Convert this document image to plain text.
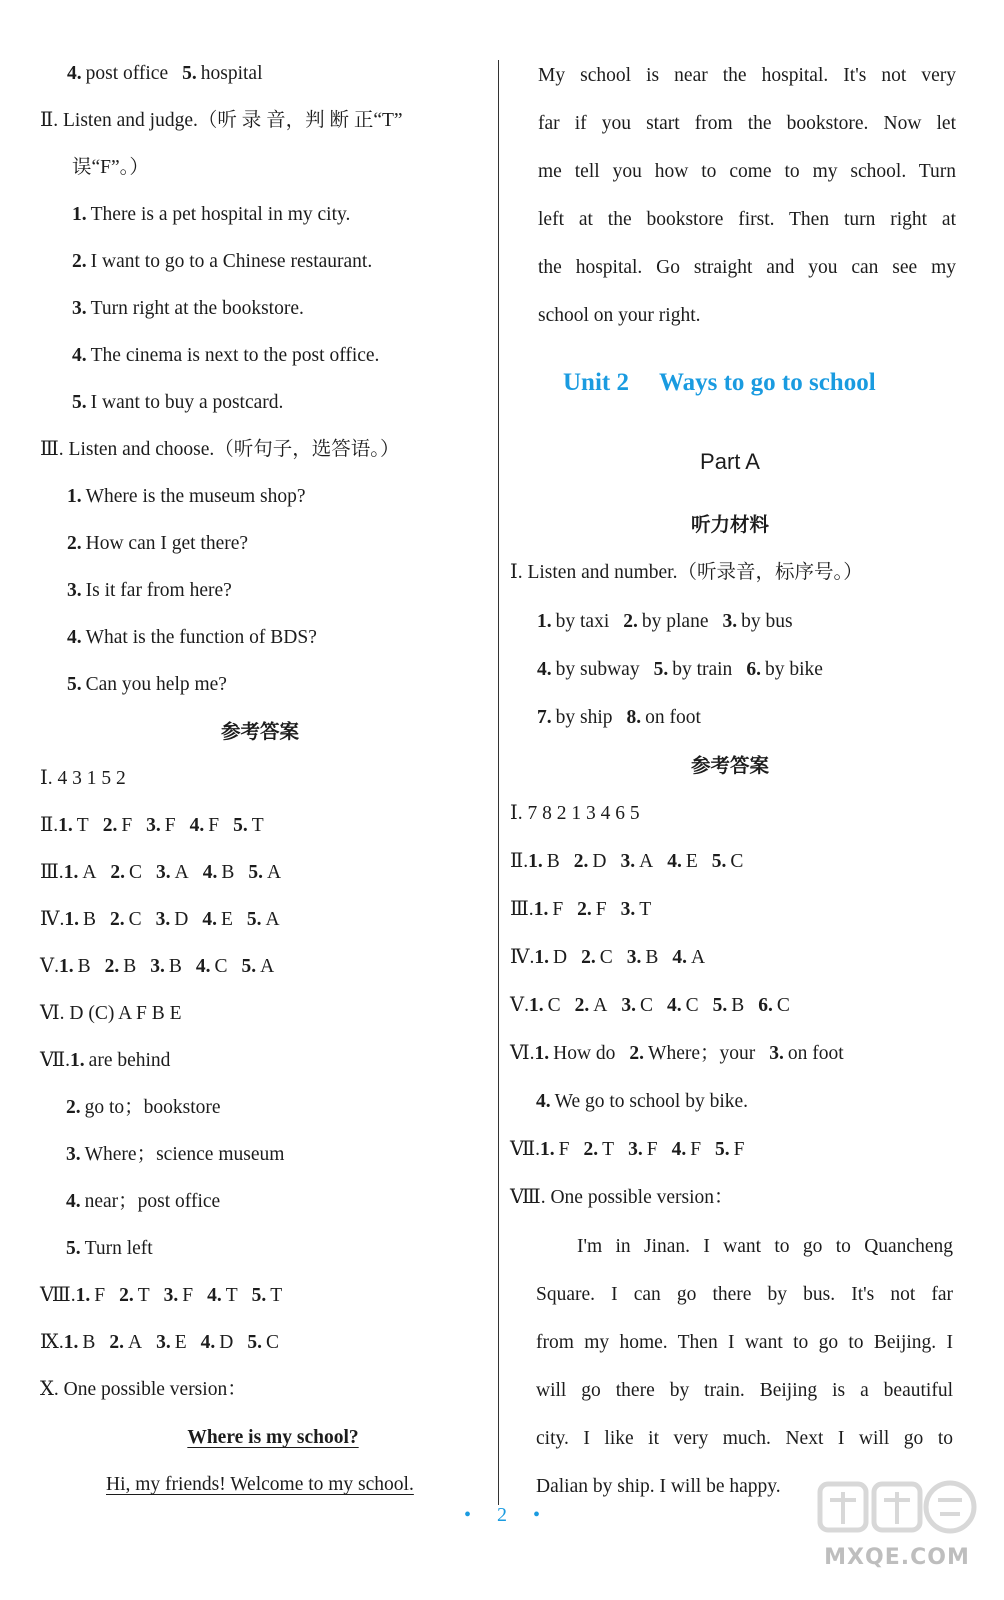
4. post office 5. hospital
Ⅱ. Listen and judge.（听 录 音，判 断 正“T”
误“F”。）
1. There is a pet hospital in my city.
2. I want to go to a Chinese restaurant.
3. Turn right at the bookstore.
4. The cinema is next to the post office.
5. I want to buy a postcard.
Ⅲ. Listen and choose.（听句子，选答语。）
1. Where is the museum shop?
2. How can I get there?
3. Is it far from here?
4. What is the function of BDS?
5. Can you help me?
参考答案
Ⅰ. 4 3 1 5 2
Ⅱ.1. T 2. F 3. F 4. F 5. T
Ⅲ.1. A 2. C 3. A 4. B 5. A
Ⅳ.1. B 2. C 3. D 4. E 5. A
Ⅴ.1. B 2. B 3. B 4. C 5. A
Ⅵ. D (C) A F B E
Ⅶ.1. are behind
2. go to；bookstore
3. Where；science museum
4. near；post office
5. Turn left
Ⅷ.1. F 2. T 3. F 4. T 5. T
Ⅸ.1. B 2. A 3. E 4. D 5. C
Ⅹ. One possible version：
Where is my school?
Hi, my friends! Welcome to my school.
My school is near the hospital. It's not very
far if you start from the bookstore. Now let
me tell you how to come to my school. Turn
left at the bookstore first. Then turn right at
the hospital. Go straight and you can see my
school on your right.
Unit 2 Ways to go to school
Part A
听力材料
Ⅰ. Listen and number.（听录音，标序号。）
1. by taxi 2. by plane 3. by bus
4. by subway 5. by train 6. by bike
7. by ship 8. on foot
参考答案
Ⅰ. 7 8 2 1 3 4 6 5
Ⅱ.1. B 2. D 3. A 4. E 5. C
Ⅲ.1. F 2. F 3. T
Ⅳ.1. D 2. C 3. B 4. A
Ⅴ.1. C 2. A 3. C 4. C 5. B 6. C
Ⅵ.1. How do 2. Where；your 3. on foot
4. We go to school by bike.
Ⅶ.1. F 2. T 3. F 4. F 5. F
Ⅷ. One possible version：
I'm in Jinan. I want to go to Quancheng
Square. I can go there by bus. It's not far
from my home. Then I want to go to Beijing. I
will go there by train. Beijing is a beautiful
city. I like it very much. Next I will go to
Dalian by ship. I will be happy.
• 2 •
MXQE.COM
